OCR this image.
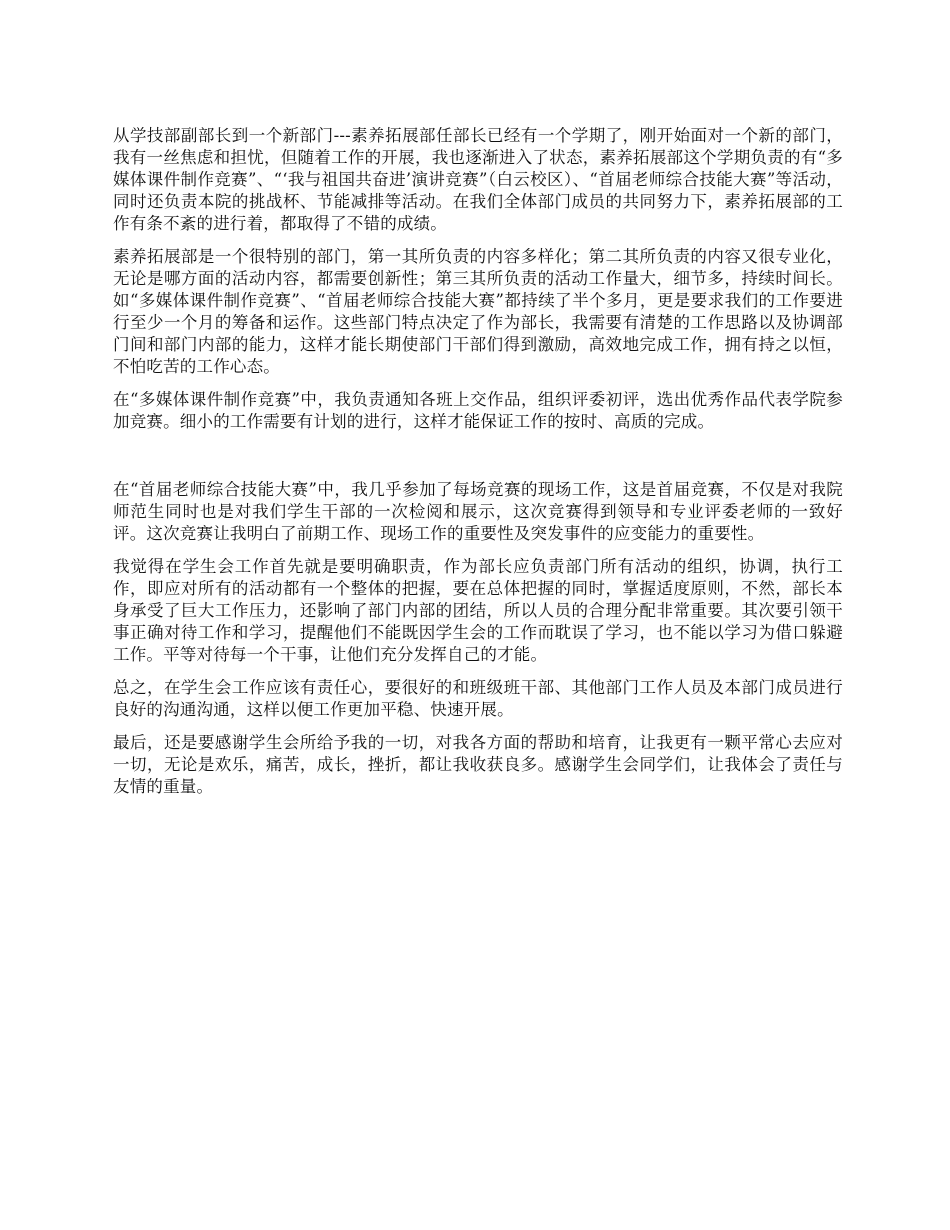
从学技部副部长到一个新部门---素养拓展部任部长已经有一个学期了，刚开始面对一个新的部门，我有一丝焦虑和担忧，但随着工作的开展，我也逐渐进入了状态，素养拓展部这个学期负责的有“多媒体课件制作竞赛”、“‘我与祖国共奋进’演讲竞赛”（白云校区）、“首届老师综合技能大赛”等活动，同时还负责本院的挑战杯、节能减排等活动。在我们全体部门成员的共同努力下，素养拓展部的工作有条不紊的进行着，都取得了不错的成绩。

素养拓展部是一个很特别的部门，第一其所负责的内容多样化；第二其所负责的内容又很专业化，无论是哪方面的活动内容，都需要创新性；第三其所负责的活动工作量大，细节多，持续时间长。如“多媒体课件制作竞赛”、“首届老师综合技能大赛”都持续了半个多月，更是要求我们的工作要进行至少一个月的筹备和运作。这些部门特点决定了作为部长，我需要有清楚的工作思路以及协调部门间和部门内部的能力，这样才能长期使部门干部们得到激励，高效地完成工作，拥有持之以恒，不怕吃苦的工作心态。

在“多媒体课件制作竞赛”中，我负责通知各班上交作品，组织评委初评，选出优秀作品代表学院参加竞赛。细小的工作需要有计划的进行，这样才能保证工作的按时、高质的完成。

在“首届老师综合技能大赛”中，我几乎参加了每场竞赛的现场工作，这是首届竞赛，不仅是对我院师范生同时也是对我们学生干部的一次检阅和展示，这次竞赛得到领导和专业评委老师的一致好评。这次竞赛让我明白了前期工作、现场工作的重要性及突发事件的应变能力的重要性。

我觉得在学生会工作首先就是要明确职责，作为部长应负责部门所有活动的组织，协调，执行工作，即应对所有的活动都有一个整体的把握，要在总体把握的同时，掌握适度原则，不然，部长本身承受了巨大工作压力，还影响了部门内部的团结，所以人员的合理分配非常重要。其次要引领干事正确对待工作和学习，提醒他们不能既因学生会的工作而耽误了学习，也不能以学习为借口躲避工作。平等对待每一个干事，让他们充分发挥自己的才能。

总之，在学生会工作应该有责任心，要很好的和班级班干部、其他部门工作人员及本部门成员进行良好的沟通沟通，这样以便工作更加平稳、快速开展。

最后，还是要感谢学生会所给予我的一切，对我各方面的帮助和培育，让我更有一颗平常心去应对一切，无论是欢乐，痛苦，成长，挫折，都让我收获良多。感谢学生会同学们，让我体会了责任与友情的重量。
